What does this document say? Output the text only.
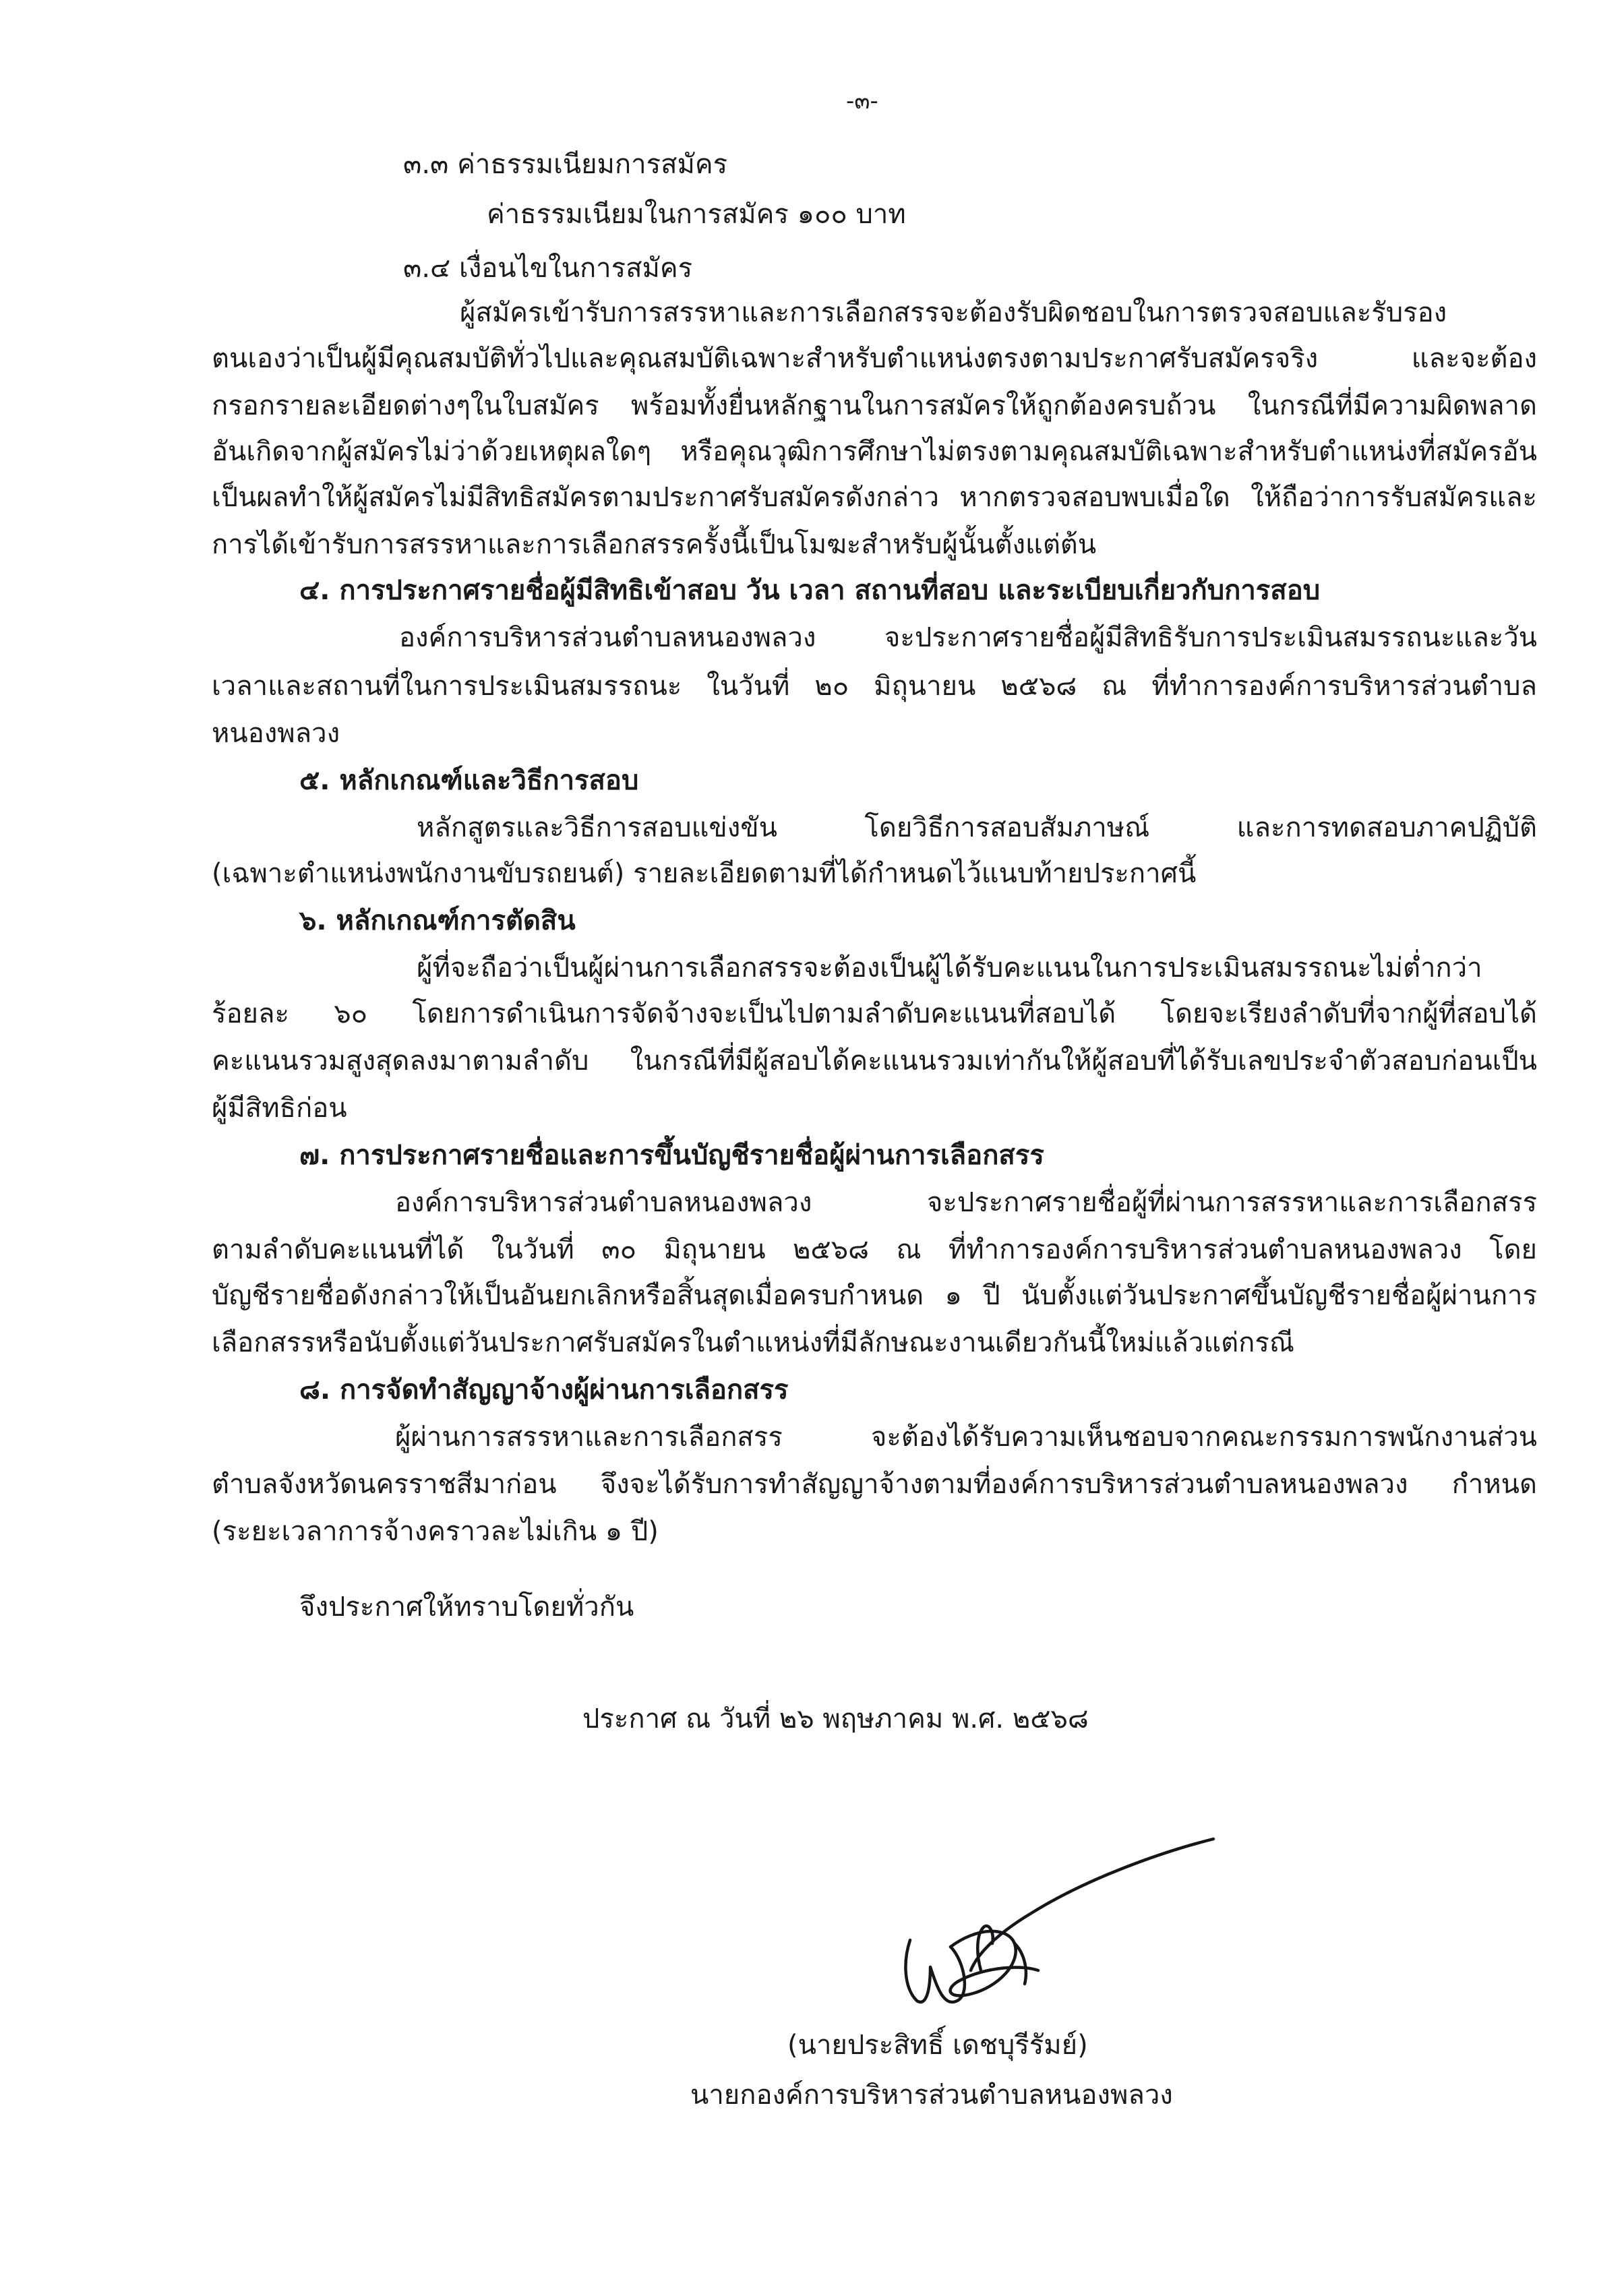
-๓-
๓.๓ ค่าธรรมเนียมการสมัคร
ค่าธรรมเนียมในการสมัคร ๑๐๐ บาท
๓.๔ เงื่อนไขในการสมัคร
ผู้สมัครเข้ารับการสรรหาและการเลือกสรรจะต้องรับผิดชอบในการตรวจสอบและรับรอง
ตนเองว่าเป็นผู้มีคุณสมบัติทั่วไปและคุณสมบัติเฉพาะสำหรับตำแหน่งตรงตามประกาศรับสมัครจริง และจะต้อง
กรอกรายละเอียดต่างๆในใบสมัคร พร้อมทั้งยื่นหลักฐานในการสมัครให้ถูกต้องครบถ้วน ในกรณีที่มีความผิดพลาด
อันเกิดจากผู้สมัครไม่ว่าด้วยเหตุผลใดๆ หรือคุณวุฒิการศึกษาไม่ตรงตามคุณสมบัติเฉพาะสำหรับตำแหน่งที่สมัครอัน
เป็นผลทำให้ผู้สมัครไม่มีสิทธิสมัครตามประกาศรับสมัครดังกล่าว หากตรวจสอบพบเมื่อใด ให้ถือว่าการรับสมัครและ
การได้เข้ารับการสรรหาและการเลือกสรรครั้งนี้เป็นโมฆะสำหรับผู้นั้นตั้งแต่ต้น
๔. การประกาศรายชื่อผู้มีสิทธิเข้าสอบ วัน เวลา สถานที่สอบ และระเบียบเกี่ยวกับการสอบ
องค์การบริหารส่วนตำบลหนองพลวง จะประกาศรายชื่อผู้มีสิทธิรับการประเมินสมรรถนะและวัน
เวลาและสถานที่ในการประเมินสมรรถนะ ในวันที่ ๒๐ มิถุนายน ๒๕๖๘ ณ ที่ทำการองค์การบริหารส่วนตำบล
หนองพลวง
๕. หลักเกณฑ์และวิธีการสอบ
หลักสูตรและวิธีการสอบแข่งขัน โดยวิธีการสอบสัมภาษณ์ และการทดสอบภาคปฏิบัติ
(เฉพาะตำแหน่งพนักงานขับรถยนต์) รายละเอียดตามที่ได้กำหนดไว้แนบท้ายประกาศนี้
๖. หลักเกณฑ์การตัดสิน
ผู้ที่จะถือว่าเป็นผู้ผ่านการเลือกสรรจะต้องเป็นผู้ได้รับคะแนนในการประเมินสมรรถนะไม่ต่ำกว่า
ร้อยละ ๖๐ โดยการดำเนินการจัดจ้างจะเป็นไปตามลำดับคะแนนที่สอบได้ โดยจะเรียงลำดับที่จากผู้ที่สอบได้
คะแนนรวมสูงสุดลงมาตามลำดับ ในกรณีที่มีผู้สอบได้คะแนนรวมเท่ากันให้ผู้สอบที่ได้รับเลขประจำตัวสอบก่อนเป็น
ผู้มีสิทธิก่อน
๗. การประกาศรายชื่อและการขึ้นบัญชีรายชื่อผู้ผ่านการเลือกสรร
องค์การบริหารส่วนตำบลหนองพลวง จะประกาศรายชื่อผู้ที่ผ่านการสรรหาและการเลือกสรร
ตามลำดับคะแนนที่ได้ ในวันที่ ๓๐ มิถุนายน ๒๕๖๘ ณ ที่ทำการองค์การบริหารส่วนตำบลหนองพลวง โดย
บัญชีรายชื่อดังกล่าวให้เป็นอันยกเลิกหรือสิ้นสุดเมื่อครบกำหนด ๑ ปี นับตั้งแต่วันประกาศขึ้นบัญชีรายชื่อผู้ผ่านการ
เลือกสรรหรือนับตั้งแต่วันประกาศรับสมัครในตำแหน่งที่มีลักษณะงานเดียวกันนี้ใหม่แล้วแต่กรณี
๘. การจัดทำสัญญาจ้างผู้ผ่านการเลือกสรร
ผู้ผ่านการสรรหาและการเลือกสรร จะต้องได้รับความเห็นชอบจากคณะกรรมการพนักงานส่วน
ตำบลจังหวัดนครราชสีมาก่อน จึงจะได้รับการทำสัญญาจ้างตามที่องค์การบริหารส่วนตำบลหนองพลวง กำหนด
(ระยะเวลาการจ้างคราวละไม่เกิน ๑ ปี)
จึงประกาศให้ทราบโดยทั่วกัน
ประกาศ ณ วันที่ ๒๖ พฤษภาคม พ.ศ. ๒๕๖๘
(นายประสิทธิ์ เดชบุรีรัมย์)
นายกองค์การบริหารส่วนตำบลหนองพลวง
